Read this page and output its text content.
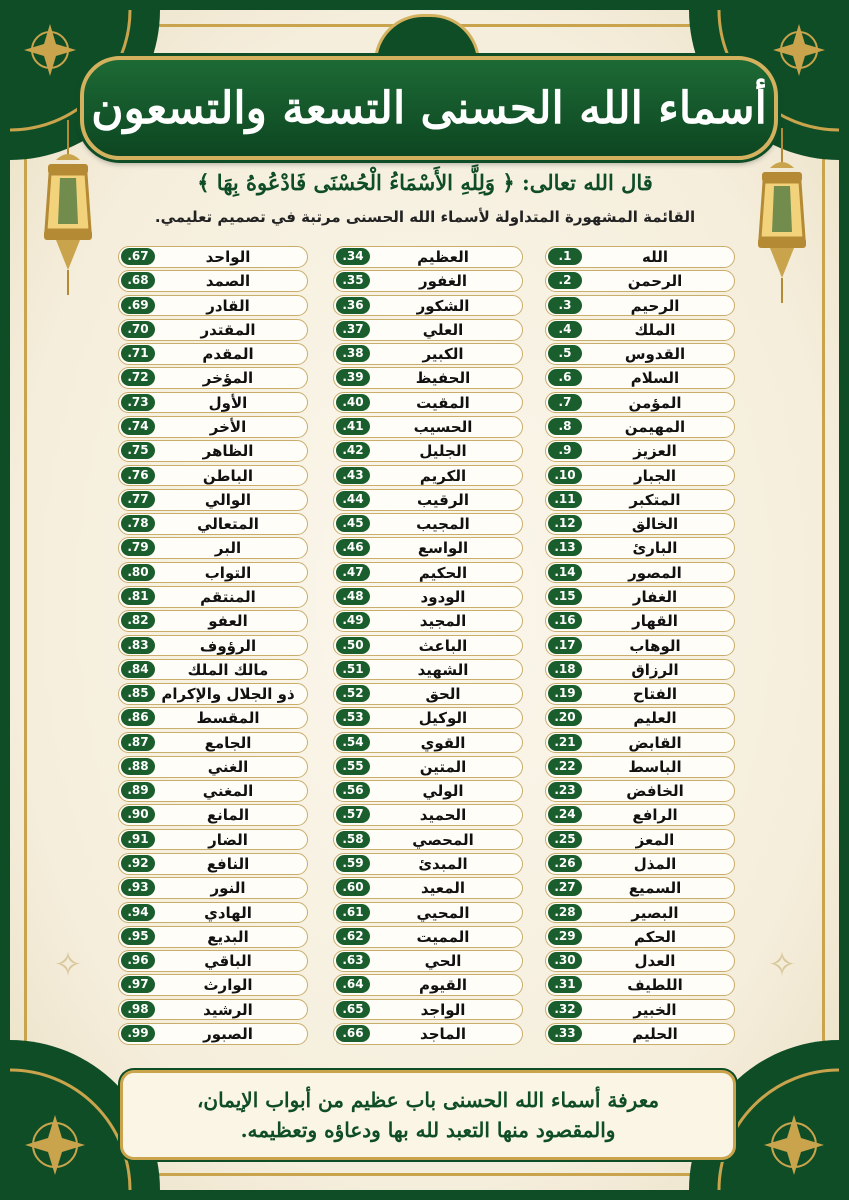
أسماء الله الحسنى التسعة والتسعون
✧	✧
قال الله تعالى: ﴿ وَلِلَّهِ الأَسْمَاءُ الْحُسْنَى فَادْعُوهُ بِهَا ﴾
القائمة المشهورة المتداولة لأسماء الله الحسنى مرتبة في تصميم تعليمي.
1.	الله
2.	الرحمن
3.	الرحيم
4.	الملك
5.	القدوس
6.	السلام
7.	المؤمن
8.	المهيمن
9.	العزيز
10.	الجبار
11.	المتكبر
12.	الخالق
13.	البارئ
14.	المصور
15.	الغفار
16.	القهار
17.	الوهاب
18.	الرزاق
19.	الفتاح
20.	العليم
21.	القابض
22.	الباسط
23.	الخافض
24.	الرافع
25.	المعز
26.	المذل
27.	السميع
28.	البصير
29.	الحكم
30.	العدل
31.	اللطيف
32.	الخبير
33.	الحليم
34.	العظيم
35.	الغفور
36.	الشكور
37.	العلي
38.	الكبير
39.	الحفيظ
40.	المقيت
41.	الحسيب
42.	الجليل
43.	الكريم
44.	الرقيب
45.	المجيب
46.	الواسع
47.	الحكيم
48.	الودود
49.	المجيد
50.	الباعث
51.	الشهيد
52.	الحق
53.	الوكيل
54.	القوي
55.	المتين
56.	الولي
57.	الحميد
58.	المحصي
59.	المبدئ
60.	المعيد
61.	المحيي
62.	المميت
63.	الحي
64.	القيوم
65.	الواجد
66.	الماجد
67.	الواحد
68.	الصمد
69.	القادر
70.	المقتدر
71.	المقدم
72.	المؤخر
73.	الأول
74.	الأخر
75.	الظاهر
76.	الباطن
77.	الوالي
78.	المتعالي
79.	البر
80.	التواب
81.	المنتقم
82.	العفو
83.	الرؤوف
84.	مالك الملك
85. ذو الجلال والإكرام
86.	المقسط
87.	الجامع
88.	الغني
89.	المغني
90.	المانع
91.	الضار
92.	النافع
93.	النور
94.	الهادي
95.	البديع
96.	الباقي
97.	الوارث
98.	الرشيد
99.	الصبور
معرفة أسماء الله الحسنى باب عظيم من أبواب الإيمان،
والمقصود منها التعبد لله بها ودعاؤه وتعظيمه.
